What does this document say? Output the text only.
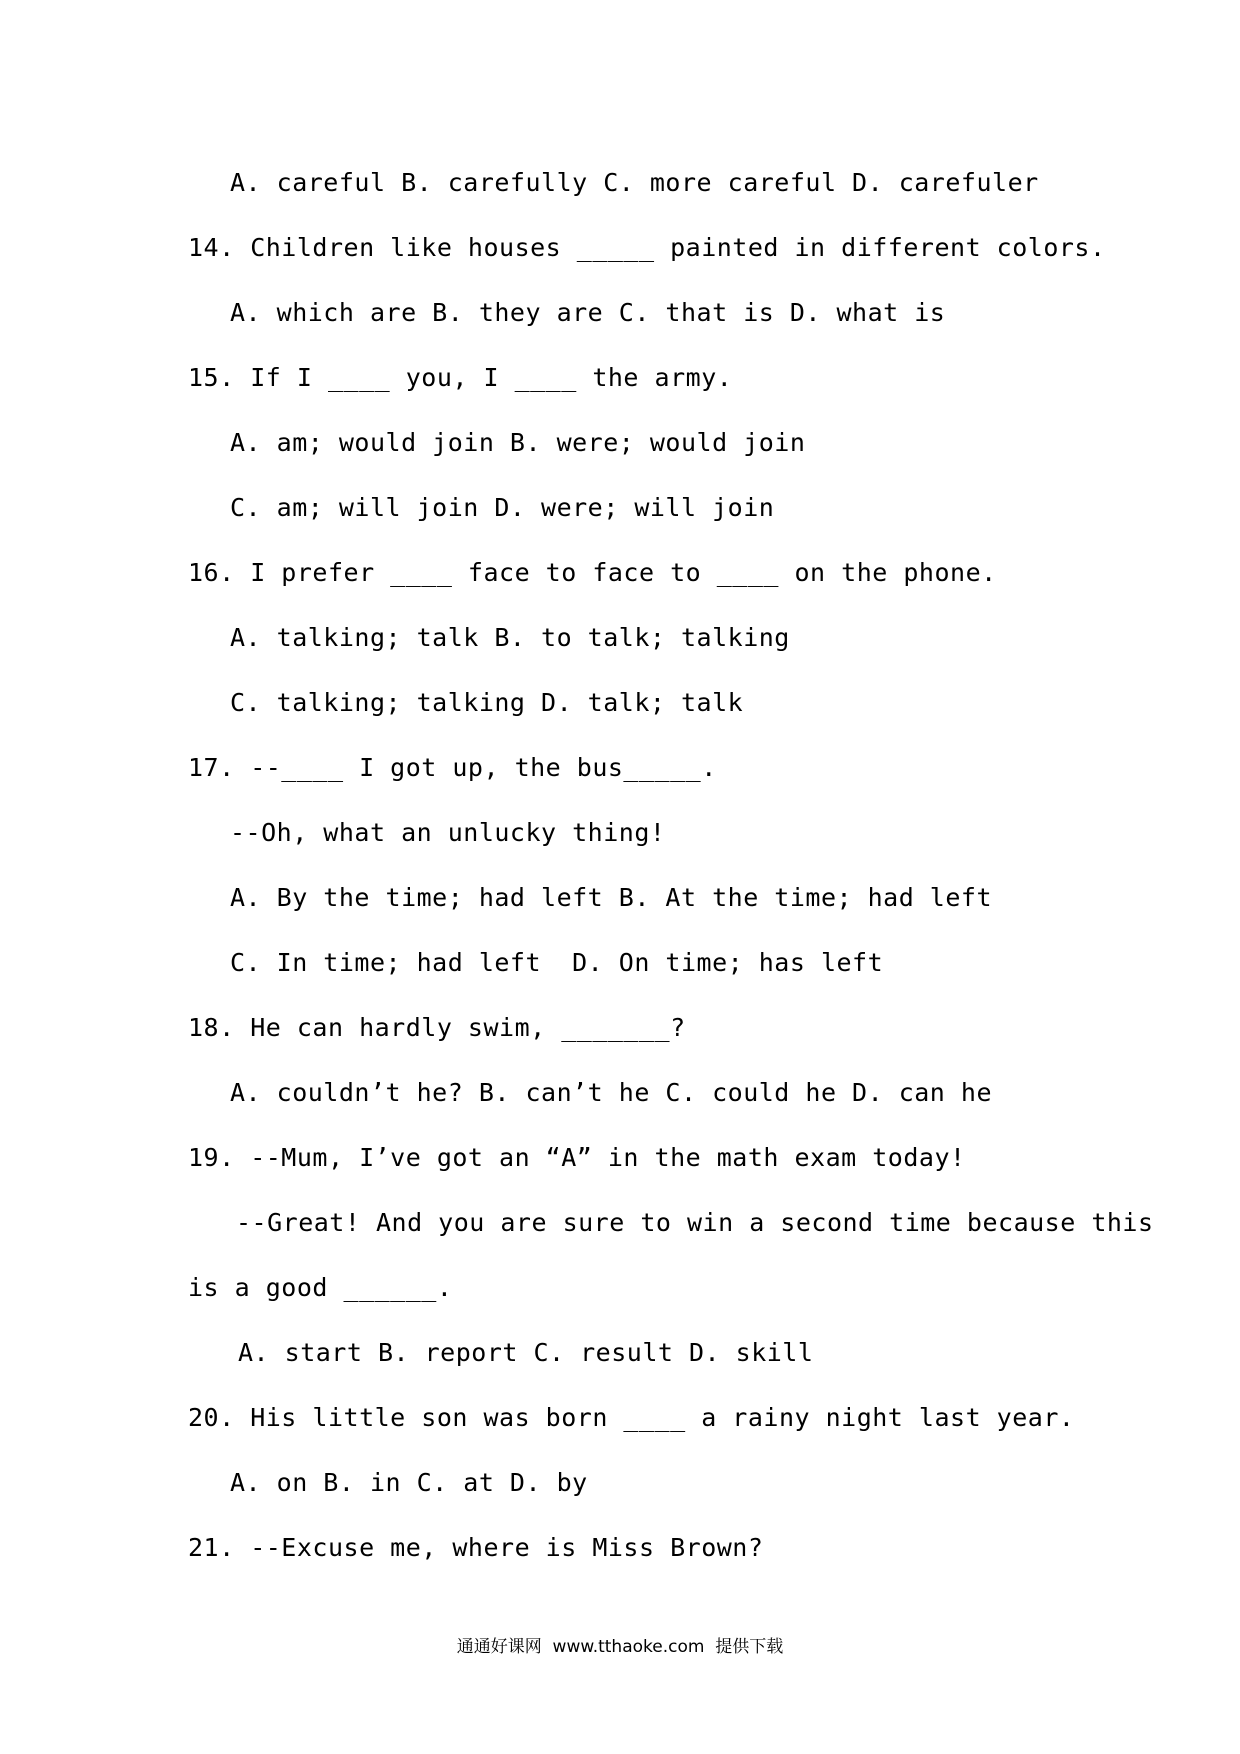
A. careful B. carefully C. more careful D. carefuler
14. Children like houses _____ painted in different colors.
A. which are B. they are C. that is D. what is
15. If I ____ you, I ____ the army.
A. am; would join B. were; would join
C. am; will join D. were; will join
16. I prefer ____ face to face to ____ on the phone.
A. talking; talk B. to talk; talking
C. talking; talking D. talk; talk
17. --____ I got up, the bus_____.
--Oh, what an unlucky thing!
A. By the time; had left B. At the time; had left
C. In time; had left  D. On time; has left
18. He can hardly swim, _______?
A. couldn’t he? B. can’t he C. could he D. can he
19. --Mum, I’ve got an “A” in the math exam today!
--Great! And you are sure to win a second time because this
is a good ______.
A. start B. report C. result D. skill
20. His little son was born ____ a rainy night last year.
A. on B. in C. at D. by
21. --Excuse me, where is Miss Brown?
通通好课网  www.tthaoke.com  提供下载
